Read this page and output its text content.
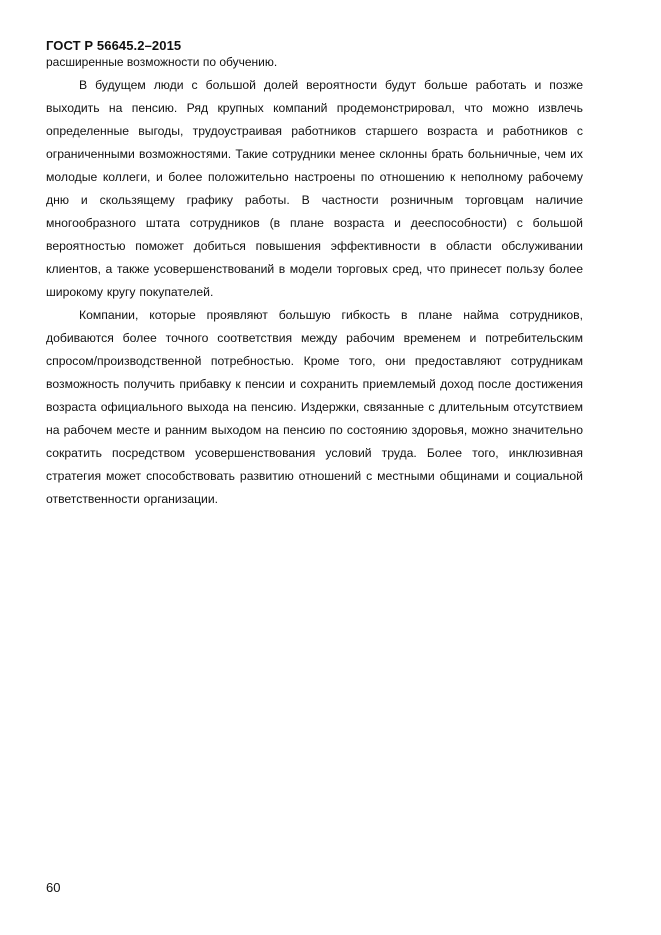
ГОСТ Р 56645.2–2015
расширенные возможности по обучению.

В будущем люди с большой долей вероятности будут больше работать и позже выходить на пенсию. Ряд крупных компаний продемонстрировал, что можно извлечь определенные выгоды, трудоустраивая работников старшего возраста и работников с ограниченными возможностями. Такие сотрудники менее склонны брать больничные, чем их молодые коллеги, и более положительно настроены по отношению к неполному рабочему дню и скользящему графику работы. В частности розничным торговцам наличие многообразного штата сотрудников (в плане возраста и дееспособности) с большой вероятностью поможет добиться повышения эффективности в области обслуживании клиентов, а также усовершенствований в модели торговых сред, что принесет пользу более широкому кругу покупателей.

Компании, которые проявляют большую гибкость в плане найма сотрудников, добиваются более точного соответствия между рабочим временем и потребительским спросом/производственной потребностью. Кроме того, они предоставляют сотрудникам возможность получить прибавку к пенсии и сохранить приемлемый доход после достижения возраста официального выхода на пенсию. Издержки, связанные с длительным отсутствием на рабочем месте и ранним выходом на пенсию по состоянию здоровья, можно значительно сократить посредством усовершенствования условий труда. Более того, инклюзивная стратегия может способствовать развитию отношений с местными общинами и социальной ответственности организации.

60
